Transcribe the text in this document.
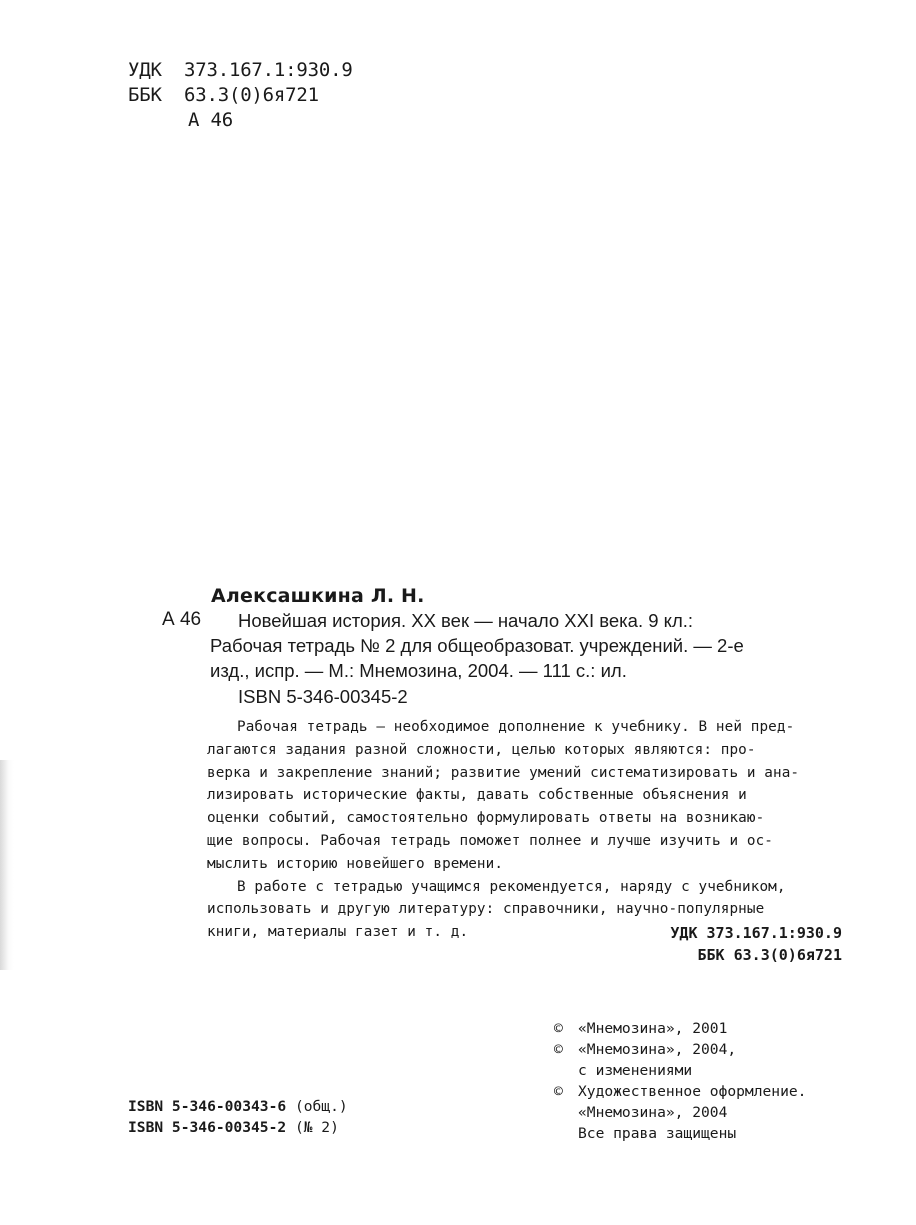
УДК 373.167.1:930.9
ББК 63.3(0)6я721
А 46
Алексашкина Л. Н.
А 46 Новейшая история. XX век — начало XXI века. 9 кл.:
Рабочая тетрадь № 2 для общеобразоват. учреждений. — 2-е
изд., испр. — М.: Мнемозина, 2004. — 111 с.: ил.
ISBN 5-346-00345-2
Рабочая тетрадь — необходимое дополнение к учебнику. В ней пред-
лагаются задания разной сложности, целью которых являются: про-
верка и закрепление знаний; развитие умений систематизировать и ана-
лизировать исторические факты, давать собственные объяснения и
оценки событий, самостоятельно формулировать ответы на возникаю-
щие вопросы. Рабочая тетрадь поможет полнее и лучше изучить и ос-
мыслить историю новейшего времени.
В работе с тетрадью учащимся рекомендуется, наряду с учебником,
использовать и другую литературу: справочники, научно-популярные
книги, материалы газет и т. д.	УДК 373.167.1:930.9
ББК 63.3(0)6я721
© «Мнемозина», 2001
© «Мнемозина», 2004,
с изменениями
© Художественное оформление.
«Мнемозина», 2004
Все права защищены
ISBN 5-346-00343-6 (общ.)
ISBN 5-346-00345-2 (№ 2)
